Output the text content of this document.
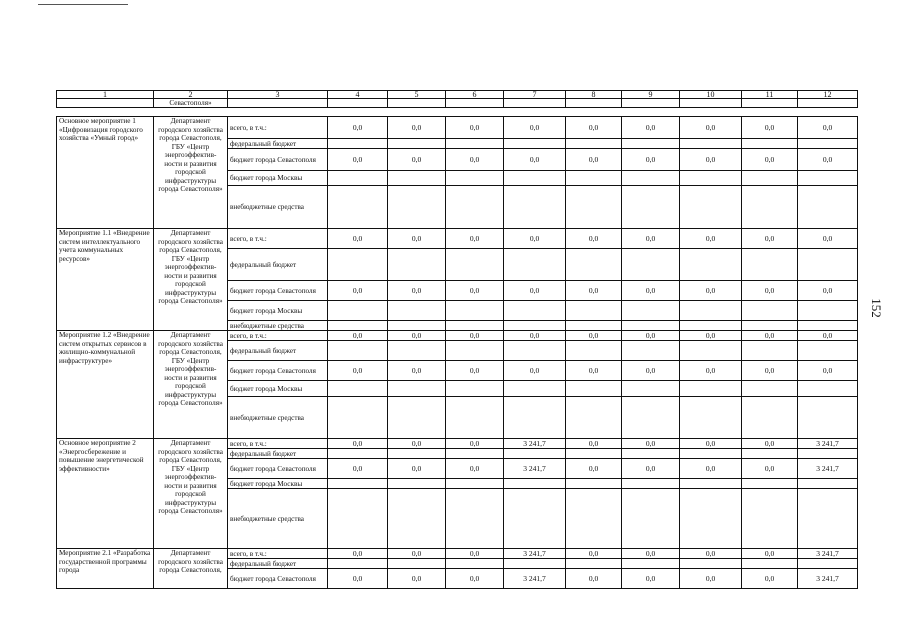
152
1	2	3	4	5	6	7	8	9	10	11	12
	Севастополя»										

Основное мероприятие 1 «Цифровизация городского хозяйства «Умный город»	Департамент городского хозяйства города Севастополя, ГБУ «Центр энергоэффектив-ности и развития городской инфраструктуры города Севастополя»	всего, в т.ч.:	0,0	0,0	0,0	0,0	0,0	0,0	0,0	0,0	0,0
		федеральный бюджет									
		бюджет города Севастополя	0,0	0,0	0,0	0,0	0,0	0,0	0,0	0,0	0,0
		бюджет города Москвы									
		внебюджетные средства									
Мероприятие 1.1 «Внедрение систем интеллектуального учета коммунальных ресурсов»	Департамент городского хозяйства города Севастополя, ГБУ «Центр энергоэффектив-ности и развития городской инфраструктуры города Севастополя»	всего, в т.ч.:	0,0	0,0	0,0	0,0	0,0	0,0	0,0	0,0	0,0
		федеральный бюджет									
		бюджет города Севастополя	0,0	0,0	0,0	0,0	0,0	0,0	0,0	0,0	0,0
		бюджет города Москвы									
		внебюджетные средства									
Мероприятие 1.2 «Внедрение систем открытых сервисов в жилищно-коммунальной инфраструктуре»	Департамент городского хозяйства города Севастополя, ГБУ «Центр энергоэффектив-ности и развития городской инфраструктуры города Севастополя»	всего, в т.ч.:	0,0	0,0	0,0	0,0	0,0	0,0	0,0	0,0	0,0
		федеральный бюджет									
		бюджет города Севастополя	0,0	0,0	0,0	0,0	0,0	0,0	0,0	0,0	0,0
		бюджет города Москвы									
		внебюджетные средства									
Основное мероприятие 2 «Энергосбережение и повышение энергетической эффективности»	Департамент городского хозяйства города Севастополя, ГБУ «Центр энергоэффектив-ности и развития городской инфраструктуры города Севастополя»	всего, в т.ч.:	0,0	0,0	0,0	3 241,7	0,0	0,0	0,0	0,0	3 241,7
		федеральный бюджет									
		бюджет города Севастополя	0,0	0,0	0,0	3 241,7	0,0	0,0	0,0	0,0	3 241,7
		бюджет города Москвы									
		внебюджетные средства									
Мероприятие 2.1 «Разработка государственной программы города	Департамент городского хозяйства города Севастополя,	всего, в т.ч.:	0,0	0,0	0,0	3 241,7	0,0	0,0	0,0	0,0	3 241,7
		федеральный бюджет									
		бюджет города Севастополя	0,0	0,0	0,0	3 241,7	0,0	0,0	0,0	0,0	3 241,7
